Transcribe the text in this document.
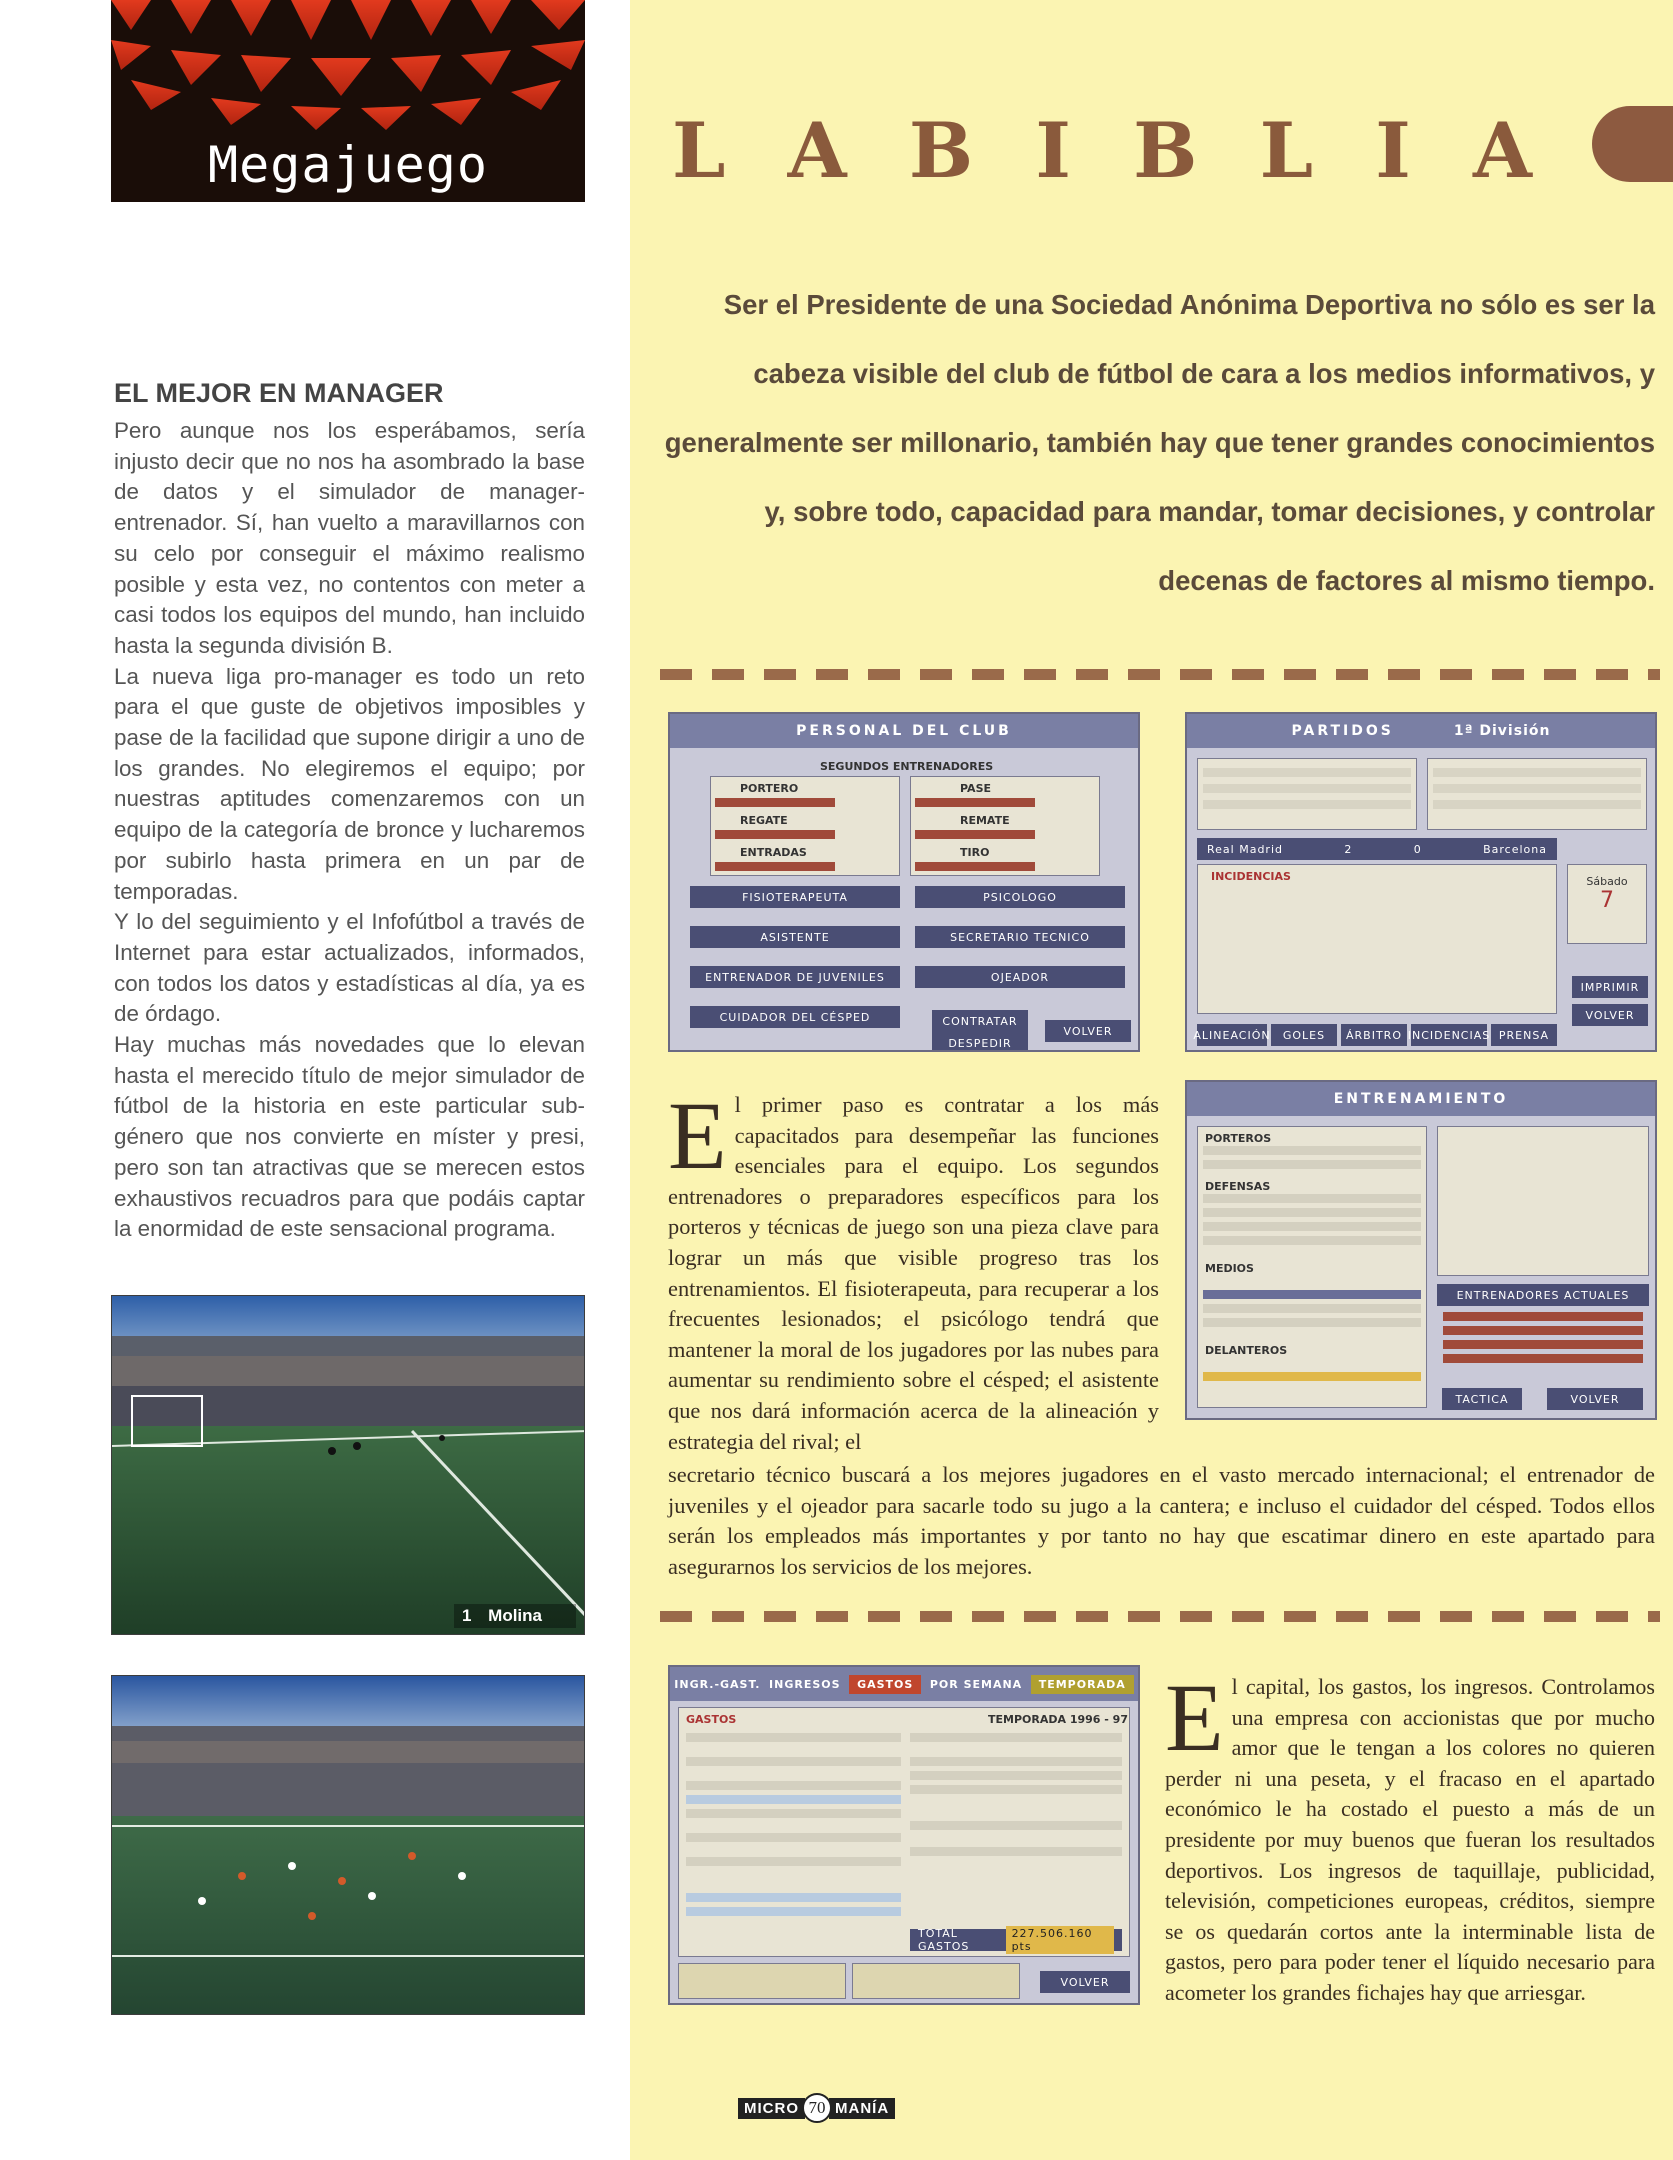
Megajuego
EL MEJOR EN MANAGER

Pero aunque nos los esperábamos, sería injusto decir que no nos ha asombrado la base de datos y el simulador de manager-entrenador. Sí, han vuelto a maravillarnos con su celo por conseguir el máximo realismo posible y esta vez, no contentos con meter a casi todos los equipos del mundo, han incluido hasta la segunda división B.

La nueva liga pro-manager es todo un reto para el que guste de objetivos imposibles y pase de la facilidad que supone dirigir a uno de los grandes. No elegiremos el equipo; por nuestras aptitudes comenzaremos con un equipo de la categoría de bronce y lucharemos por subirlo hasta primera en un par de temporadas.

Y lo del seguimiento y el Infofútbol a través de Internet para estar actualizados, informados, con todos los datos y estadísticas al día, ya es de órdago.

Hay muchas más novedades que lo elevan hasta el merecido título de mejor simulador de fútbol de la historia en este particular sub-género que nos convierte en míster y presi, pero son tan atractivas que se merecen estos exhaustivos recuadros para que podáis captar la enormidad de este sensacional programa.

1 Molina
L A B I B L I A
Ser el Presidente de una Sociedad Anónima Deportiva no sólo es ser la cabeza visible del club de fútbol de cara a los medios informativos, y generalmente ser millonario, también hay que tener grandes conocimientos y, sobre todo, capacidad para mandar, tomar decisiones, y controlar decenas de factores al mismo tiempo.
PERSONAL DEL CLUB
SEGUNDOS ENTRENADORES
PORTERO
REGATE
ENTRADAS
PASE
REMATE
TIRO
FISIOTERAPEUTA	PSICOLOGO
ASISTENTE	SECRETARIO TECNICO
ENTRENADOR DE JUVENILES	OJEADOR
CUIDADOR DEL CÉSPED	CONTRATAR
DESPEDIR
VOLVER
PARTIDOS	1ª División
Real Madrid	2	0	Barcelona
INCIDENCIAS	Sábado
7
ALINEACIÓN	GOLES	ÁRBITRO INCIDENCIAS PRENSA
IMPRIMIR
VOLVER
ENTRENAMIENTO
PORTEROS
DEFENSAS
MEDIOS
DELANTEROS
ENTRENADORES ACTUALES
TACTICA	VOLVER
E l primer paso es contratar a los más capacitados para desempeñar las funciones esenciales para el equipo. Los segundos entrenadores o preparadores específicos para los porteros y técnicas de juego son una pieza clave para lograr un más que visible progreso tras los entrenamientos. El fisioterapeuta, para recuperar a los frecuentes lesionados; el psicólogo tendrá que mantener la moral de los jugadores por las nubes para aumentar su rendimiento sobre el césped; el asistente que nos dará información acerca de la alineación y estrategia del rival; el
secretario técnico buscará a los mejores jugadores en el vasto mercado internacional; el entrenador de juveniles y el ojeador para sacarle todo su jugo a la cantera; e incluso el cuidador del césped. Todos ellos serán los empleados más importantes y por tanto no hay que escatimar dinero en este apartado para asegurarnos los servicios de los mejores.
INGR.-GAST. INGRESOS	GASTOS	POR SEMANA	TEMPORADA
GASTOS	TEMPORADA 1996 - 97
TOTAL GASTOS
227.506.160 pts
VOLVER
E l capital, los gastos, los ingresos. Controlamos una empresa con accionistas que por mucho amor que le tengan a los colores no quieren perder ni una peseta, y el fracaso en el apartado económico le ha costado el puesto a más de un presidente por muy buenos que fueran los resultados deportivos. Los ingresos de taquillaje, publicidad, televisión, competiciones europeas, créditos, siempre se os quedarán cortos ante la interminable lista de gastos, pero para poder tener el líquido necesario para acometer los grandes fichajes hay que arriesgar.
MICRO 70 MANÍA
